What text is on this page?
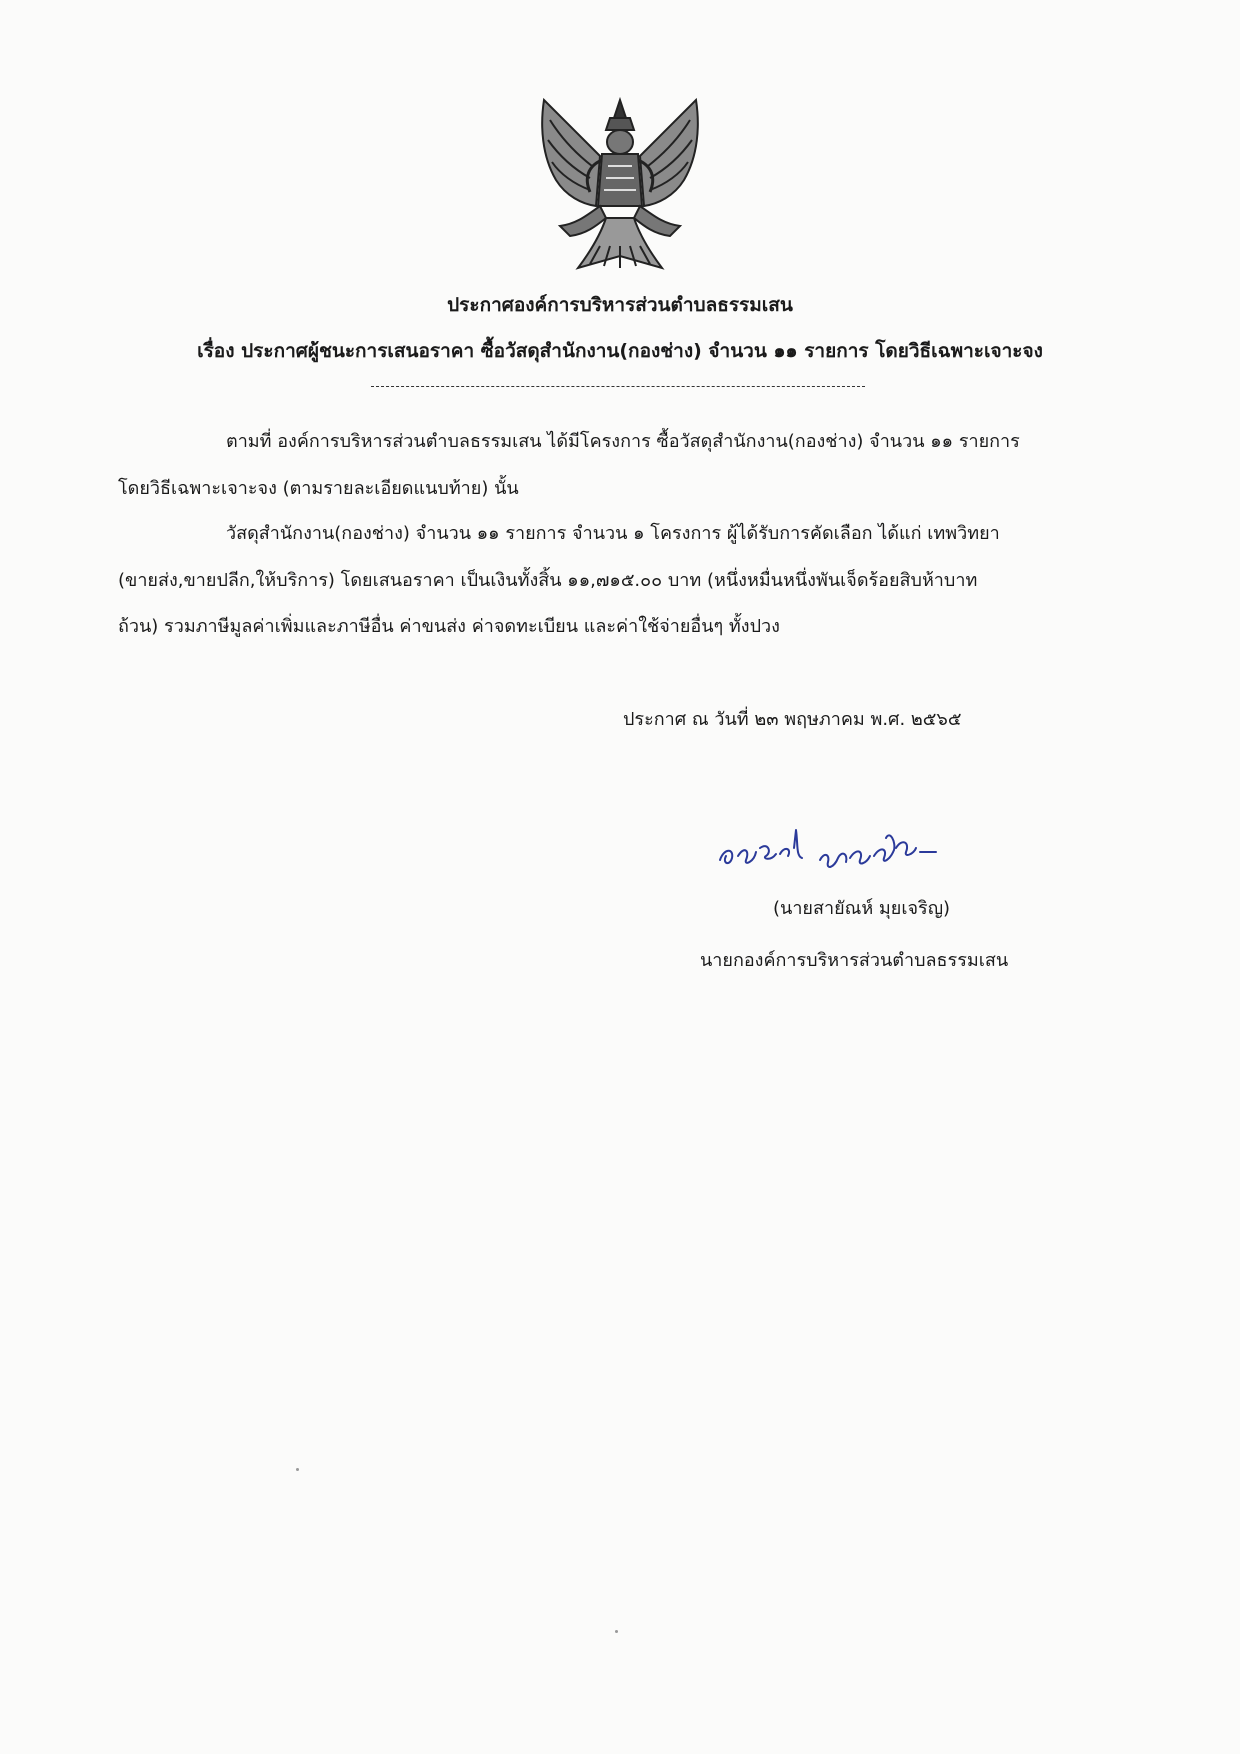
ประกาศองค์การบริหารส่วนตำบลธรรมเสน
เรื่อง ประกาศผู้ชนะการเสนอราคา ซื้อวัสดุสำนักงาน(กองช่าง) จำนวน ๑๑ รายการ โดยวิธีเฉพาะเจาะจง
ตามที่ องค์การบริหารส่วนตำบลธรรมเสน ได้มีโครงการ ซื้อวัสดุสำนักงาน(กองช่าง) จำนวน ๑๑ รายการ
โดยวิธีเฉพาะเจาะจง (ตามรายละเอียดแนบท้าย) นั้น
วัสดุสำนักงาน(กองช่าง) จำนวน ๑๑ รายการ จำนวน ๑ โครงการ ผู้ได้รับการคัดเลือก ได้แก่ เทพวิทยา
(ขายส่ง,ขายปลีก,ให้บริการ) โดยเสนอราคา เป็นเงินทั้งสิ้น ๑๑,๗๑๕.๐๐ บาท (หนึ่งหมื่นหนึ่งพันเจ็ดร้อยสิบห้าบาท
ถ้วน) รวมภาษีมูลค่าเพิ่มและภาษีอื่น ค่าขนส่ง ค่าจดทะเบียน และค่าใช้จ่ายอื่นๆ ทั้งปวง
ประกาศ ณ วันที่ ๒๓ พฤษภาคม พ.ศ. ๒๕๖๕
(นายสายัณห์ มุยเจริญ)
นายกองค์การบริหารส่วนตำบลธรรมเสน
